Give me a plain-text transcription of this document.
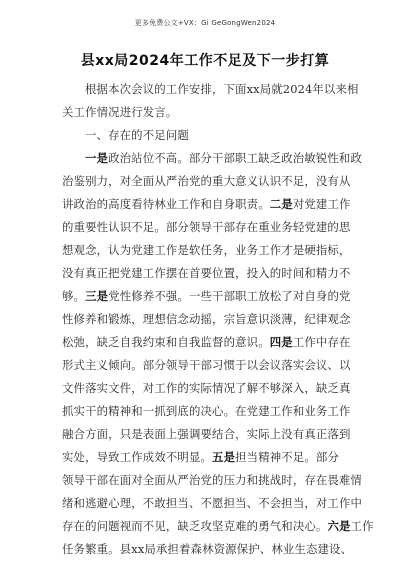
更多免费公文+VX：Gi GeGongWen2024
县xx局2024年工作不足及下一步打算
根据本次会议的工作安排，下面xx局就2024年以来相
关工作情况进行发言。
一、存在的不足问题
一是政治站位不高。部分干部职工缺乏政治敏锐性和政
治鉴别力，对全面从严治党的重大意义认识不足，没有从
讲政治的高度看待林业工作和自身职责。二是对党建工作
的重要性认识不足。部分领导干部存在重业务轻党建的思
想观念，认为党建工作是软任务，业务工作才是硬指标，
没有真正把党建工作摆在首要位置，投入的时间和精力不
够。三是党性修养不强。一些干部职工放松了对自身的党
性修养和锻炼，理想信念动摇，宗旨意识淡薄，纪律观念
松弛，缺乏自我约束和自我监督的意识。四是工作中存在
形式主义倾向。部分领导干部习惯于以会议落实会议、以
文件落实文件，对工作的实际情况了解不够深入，缺乏真
抓实干的精神和一抓到底的决心。在党建工作和业务工作
融合方面，只是表面上强调要结合，实际上没有真正落到
实处，导致工作成效不明显。五是担当精神不足。部分
领导干部在面对全面从严治党的压力和挑战时，存在畏难情
绪和逃避心理，不敢担当、不愿担当、不会担当，对工作中
存在的问题视而不见，缺乏攻坚克难的勇气和决心。六是工作
任务繁重。县xx局承担着森林资源保护、林业生态建设、
